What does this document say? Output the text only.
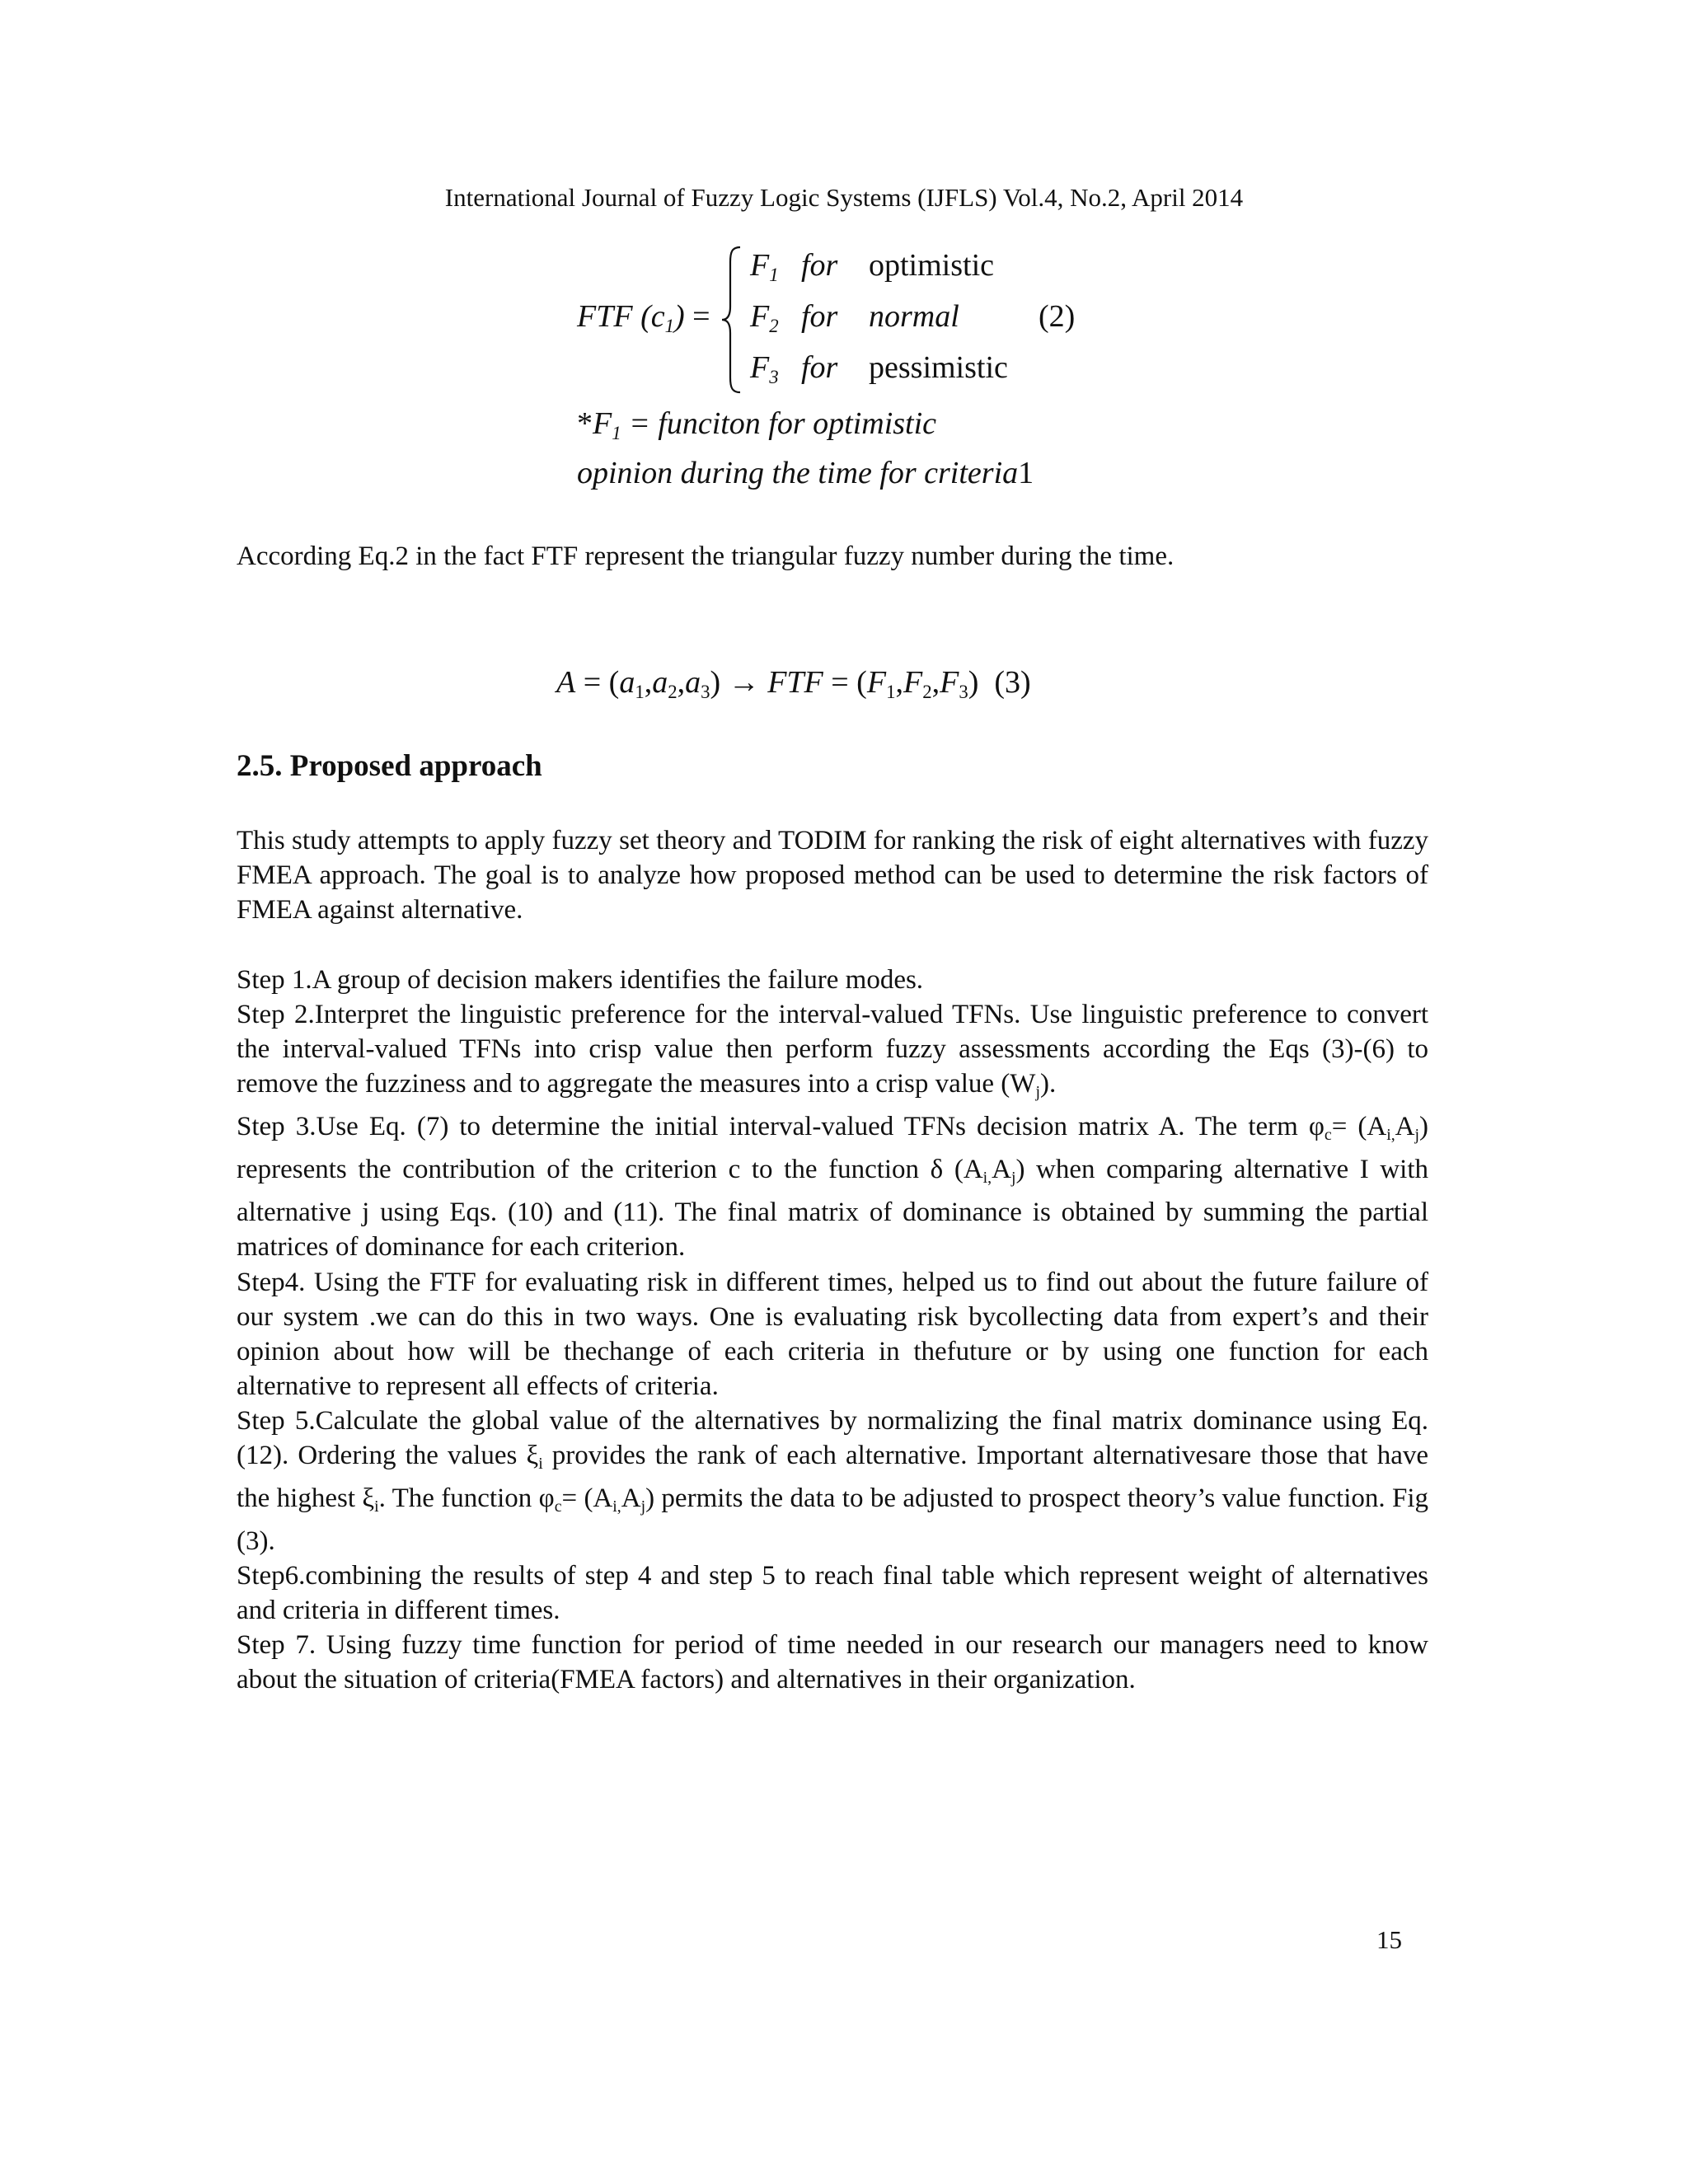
International Journal of Fuzzy Logic Systems (IJFLS) Vol.4, No.2, April 2014
FTF $(c_1)$ =
$F_1$ for optimistic
$F_2$ for normal
$F_3$ for pessimistic
(2)
$*F_1$ = funciton for optimistic
opinion during the time for criteria1

According Eq.2 in the fact FTF represent the triangular fuzzy number during the time.

$A = (a_1,a_2,a_3)$ → FTF = $(F_1,F_2,F_3)$ (3)
2.5. Proposed approach

This study attempts to apply fuzzy set theory and TODIM for ranking the risk of eight alternatives with fuzzy FMEA approach. The goal is to analyze how proposed method can be used to determine the risk factors of FMEA against alternative.

Step 1.A group of decision makers identifies the failure modes.

Step 2.Interpret the linguistic preference for the interval-valued TFNs. Use linguistic preference to convert the interval-valued TFNs into crisp value then perform fuzzy assessments according the Eqs (3)-(6) to remove the fuzziness and to aggregate the measures into a crisp value $(W_j)$.

Step 3.Use Eq. (7) to determine the initial interval-valued TFNs decision matrix A. The term $\varphi_c= (A_{i,}A_j)$ represents the contribution of the criterion c to the function δ $(A_{i,}A_j)$ when comparing alternative I with alternative j using Eqs. (10) and (11). The final matrix of dominance is obtained by summing the partial matrices of dominance for each criterion.

Step4. Using the FTF for evaluating risk in different times, helped us to find out about the future failure of our system .we can do this in two ways. One is evaluating risk bycollecting data from expert’s and their opinion about how will be thechange of each criteria in thefuture or by using one function for each alternative to represent all effects of criteria.

Step 5.Calculate the global value of the alternatives by normalizing the final matrix dominance using Eq. (12). Ordering the values $\xi_i$ provides the rank of each alternative. Important alternativesare those that have the highest $\xi_i$. The function $\varphi_c= (A_{i,}A_j)$ permits the data to be adjusted to prospect theory’s value function. Fig (3).

Step6.combining the results of step 4 and step 5 to reach final table which represent weight of alternatives and criteria in different times.

Step 7. Using fuzzy time function for period of time needed in our research our managers need to know about the situation of criteria(FMEA factors) and alternatives in their organization.

15
